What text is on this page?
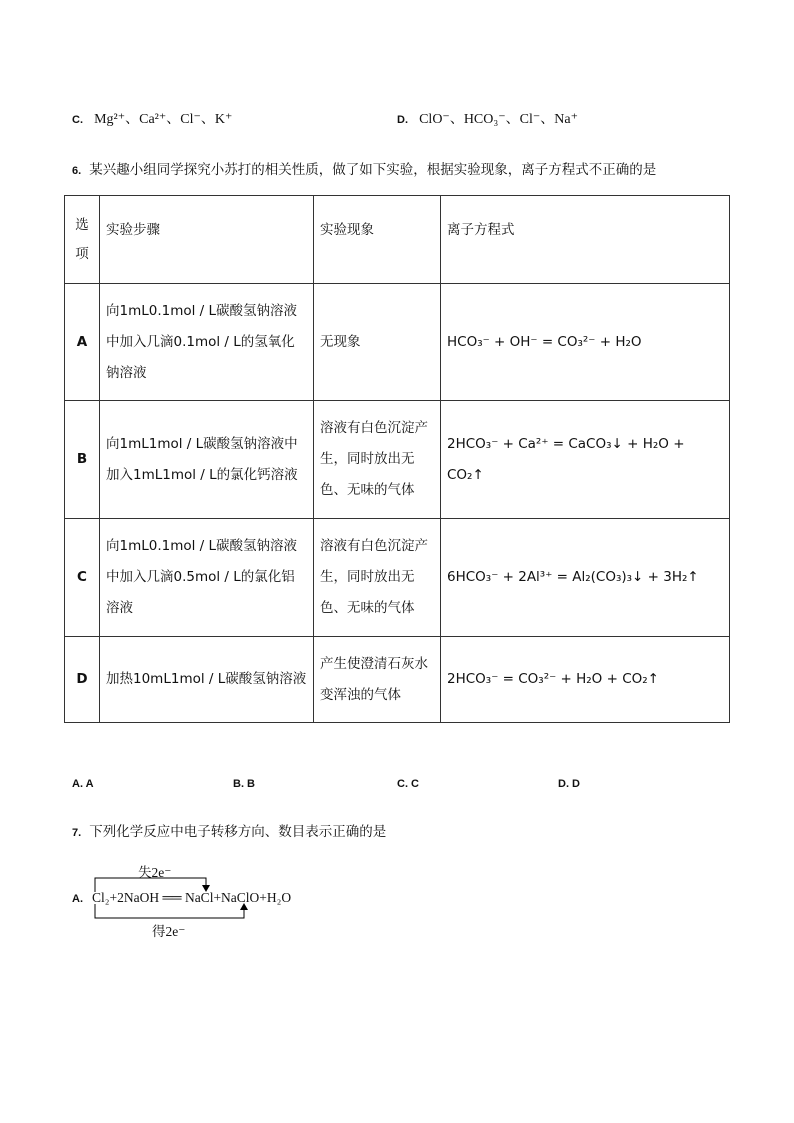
C. Mg²⁺、Ca²⁺、Cl⁻、K⁺	D. ClO⁻、HCO₃⁻、Cl⁻、Na⁺
6. 某兴趣小组同学探究小苏打的相关性质，做了如下实验，根据实验现象，离子方程式不正确的是
选项	实验步骤	实验现象	离子方程式
A	向1mL0.1mol / L碳酸氢钠溶液中加入几滴0.1mol / L的氢氧化钠溶液	无现象	HCO₃⁻ + OH⁻ = CO₃²⁻ + H₂O
B	向1mL1mol / L碳酸氢钠溶液中加入1mL1mol / L的氯化钙溶液	溶液有白色沉淀产生，同时放出无色、无味的气体	2HCO₃⁻ + Ca²⁺ = CaCO₃↓ + H₂O + CO₂↑
C	向1mL0.1mol / L碳酸氢钠溶液中加入几滴0.5mol / L的氯化铝溶液	溶液有白色沉淀产生，同时放出无色、无味的气体	6HCO₃⁻ + 2Al³⁺ = Al₂(CO₃)₃↓ + 3H₂↑
D	加热10mL1mol / L碳酸氢钠溶液	产生使澄清石灰水变浑浊的气体	2HCO₃⁻ = CO₃²⁻ + H₂O + CO₂↑
A. A	B. B	C. C	D. D
7. 下列化学反应中电子转移方向、数目表示正确的是
A.
失2e⁻
Cl₂+2NaOH ══ NaCl+NaClO+H₂O
得2e⁻
